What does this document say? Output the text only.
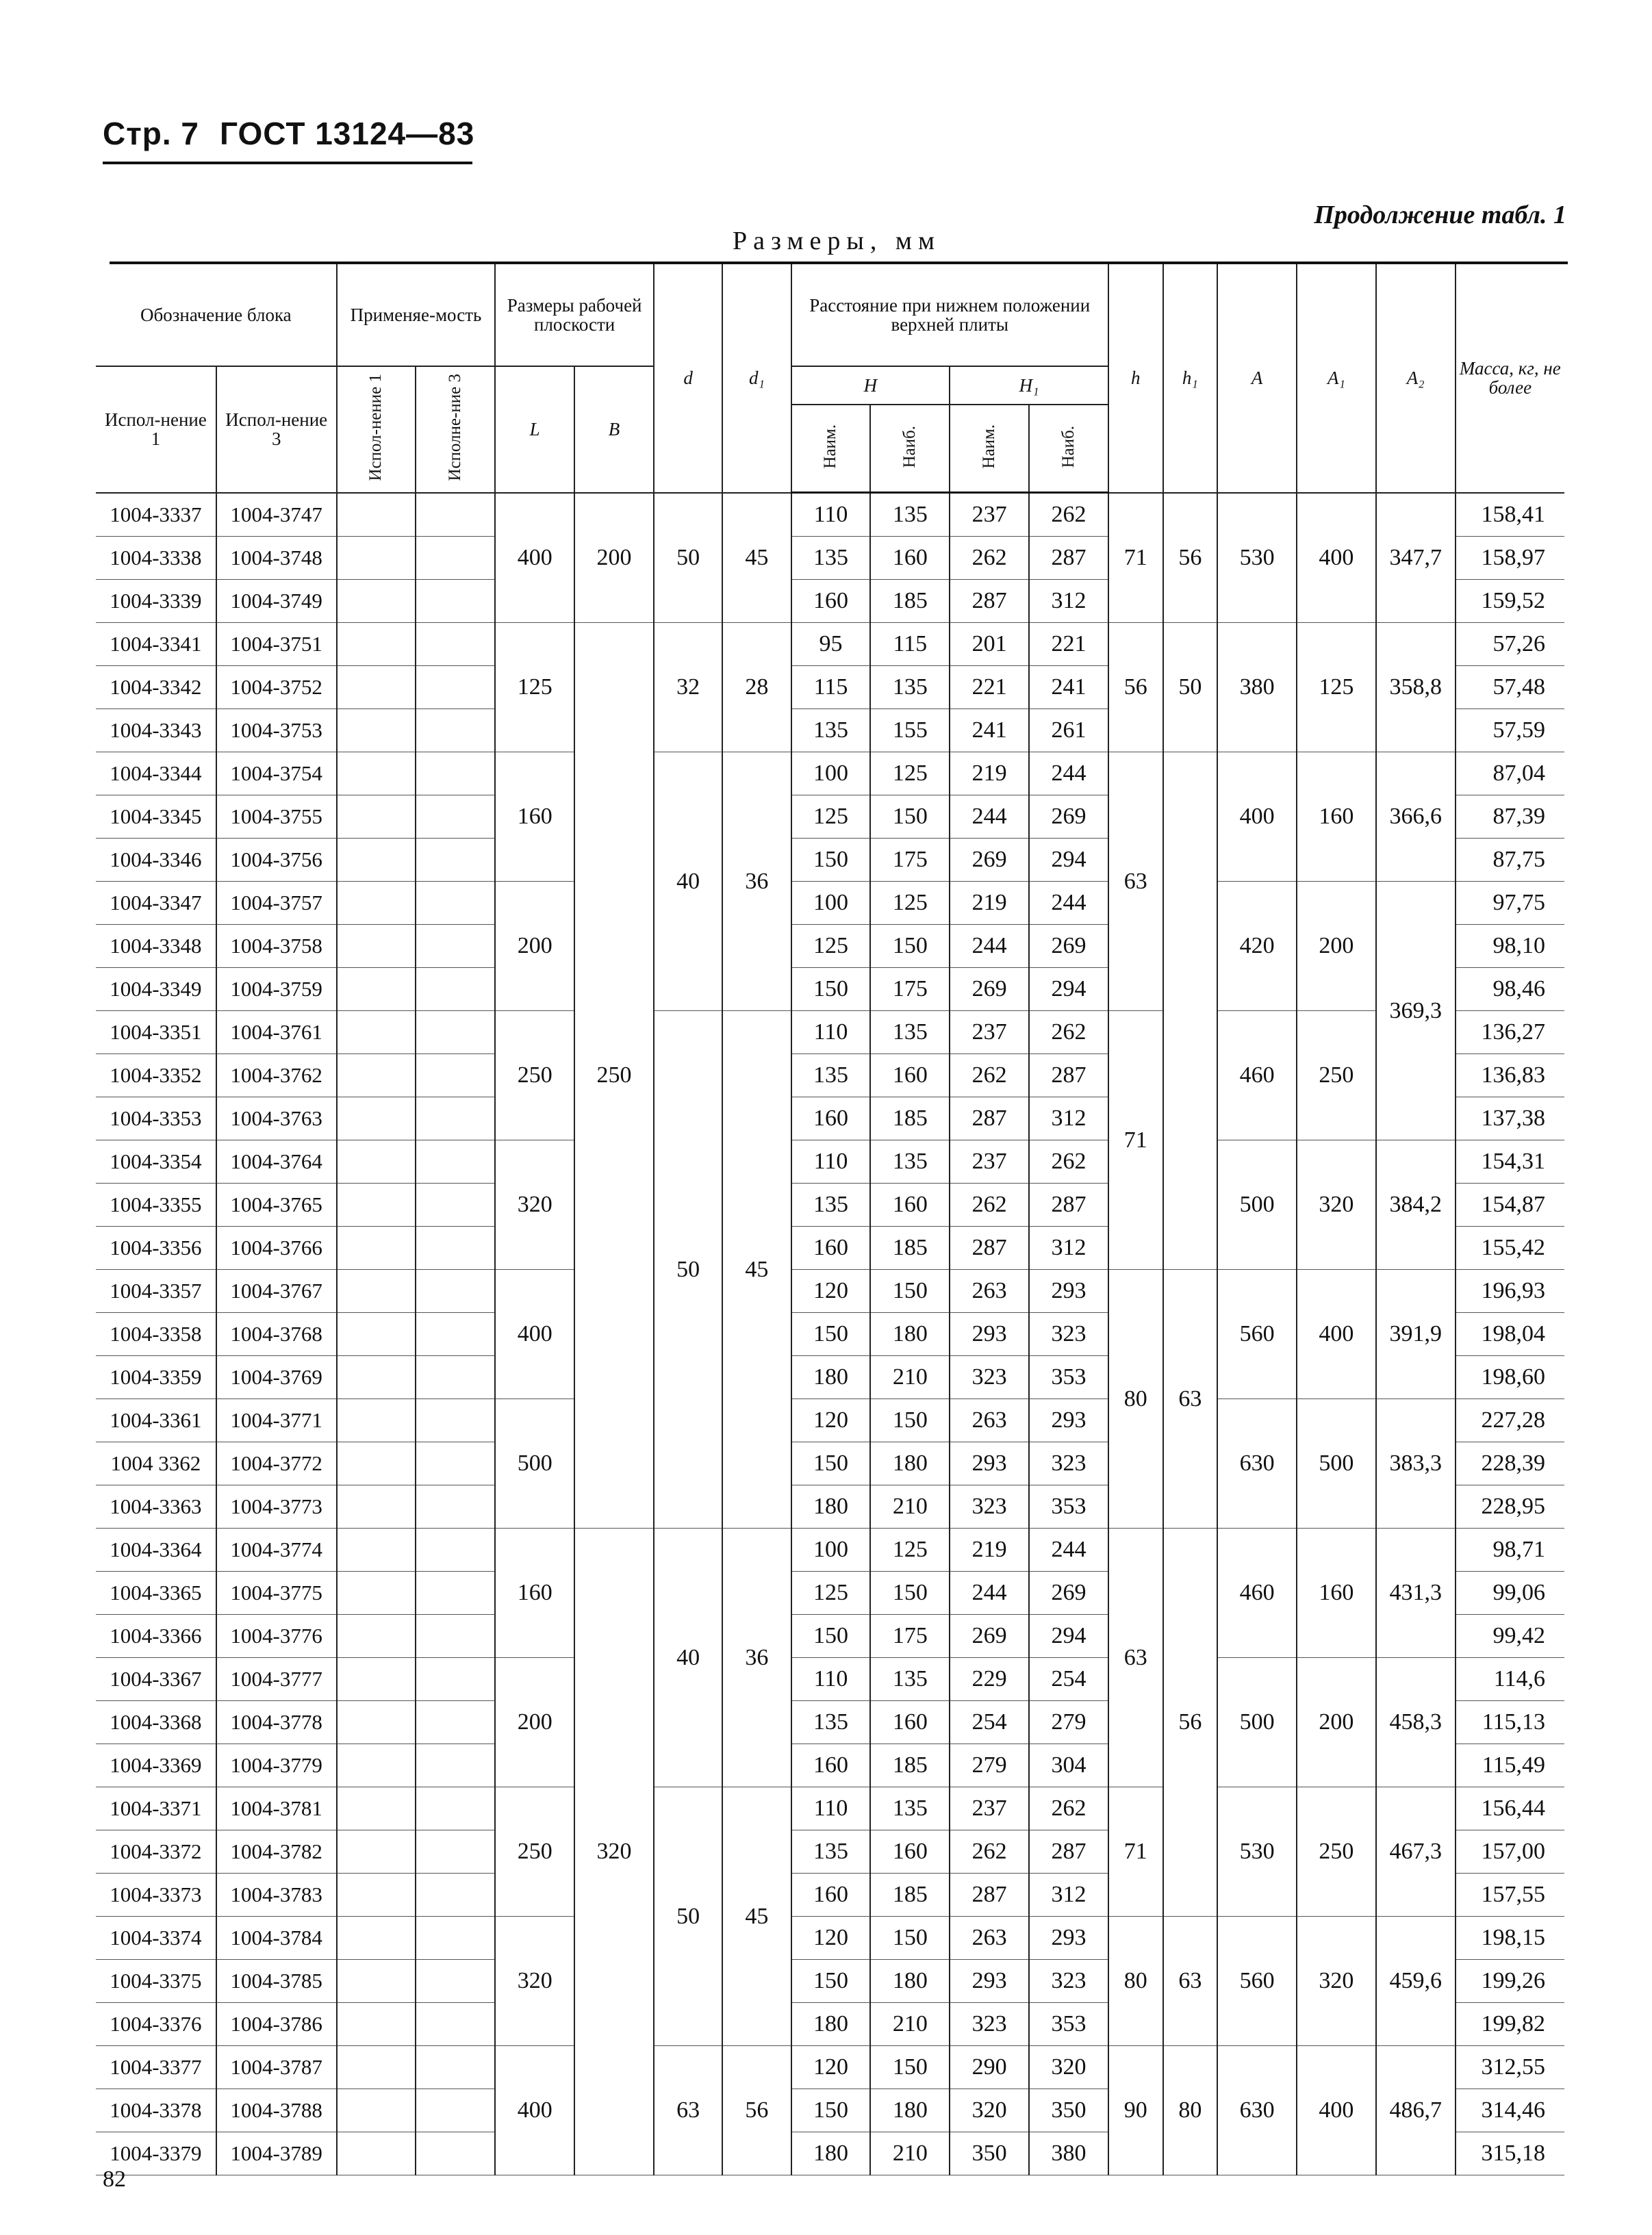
Стр. 7 ГОСТ 13124—83
Продолжение табл. 1
Размеры, мм
Обозначение блока		Применяе-мость		Размеры рабочей плоскости		d	d₁	Расстояние при нижнем положении верхней плиты				h	h₁	A	A₁	A₂	Масса, кг, не более
Испол-нение 1	Испол-нение 3	Испол-нение 1	Исполне-ние 3	L	B			H		H₁							
								Наим.	Наиб.	Наим.	Наиб.						
1004-3337	1004-3747			400	200	50	45	110	135	237	262	71	56	530	400	347,7	158,41
1004-3338	1004-3748							135	160	262	287						158,97
1004-3339	1004-3749							160	185	287	312						159,52
1004-3341	1004-3751			125	250	32	28	95	115	201	221	56	50	380	125	358,8	57,26
1004-3342	1004-3752							115	135	221	241						57,48
1004-3343	1004-3753							135	155	241	261						57,59
1004-3344	1004-3754			160		40	36	100	125	219	244	63		400	160	366,6	87,04
1004-3345	1004-3755							125	150	244	269						87,39
1004-3346	1004-3756							150	175	269	294						87,75
1004-3347	1004-3757			200				100	125	219	244			420	200	369,3	97,75
1004-3348	1004-3758							125	150	244	269						98,10
1004-3349	1004-3759							150	175	269	294						98,46
1004-3351	1004-3761			250		50	45	110	135	237	262	71		460	250		136,27
1004-3352	1004-3762							135	160	262	287						136,83
1004-3353	1004-3763							160	185	287	312						137,38
1004-3354	1004-3764			320				110	135	237	262			500	320	384,2	154,31
1004-3355	1004-3765							135	160	262	287						154,87
1004-3356	1004-3766							160	185	287	312						155,42
1004-3357	1004-3767			400				120	150	263	293	80	63	560	400	391,9	196,93
1004-3358	1004-3768							150	180	293	323						198,04
1004-3359	1004-3769							180	210	323	353						198,60
1004-3361	1004-3771			500				120	150	263	293			630	500	383,3	227,28
1004 3362	1004-3772							150	180	293	323						228,39
1004-3363	1004-3773							180	210	323	353						228,95
1004-3364	1004-3774			160	320	40	36	100	125	219	244	63	56	460	160	431,3	98,71
1004-3365	1004-3775							125	150	244	269						99,06
1004-3366	1004-3776							150	175	269	294						99,42
1004-3367	1004-3777			200				110	135	229	254			500	200	458,3	114,6
1004-3368	1004-3778							135	160	254	279						115,13
1004-3369	1004-3779							160	185	279	304						115,49
1004-3371	1004-3781			250		50	45	110	135	237	262	71		530	250	467,3	156,44
1004-3372	1004-3782							135	160	262	287						157,00
1004-3373	1004-3783							160	185	287	312						157,55
1004-3374	1004-3784			320				120	150	263	293	80	63	560	320	459,6	198,15
1004-3375	1004-3785							150	180	293	323						199,26
1004-3376	1004-3786							180	210	323	353						199,82
1004-3377	1004-3787			400		63	56	120	150	290	320	90	80	630	400	486,7	312,55
1004-3378	1004-3788							150	180	320	350						314,46
1004-3379	1004-3789							180	210	350	380						315,18
82
